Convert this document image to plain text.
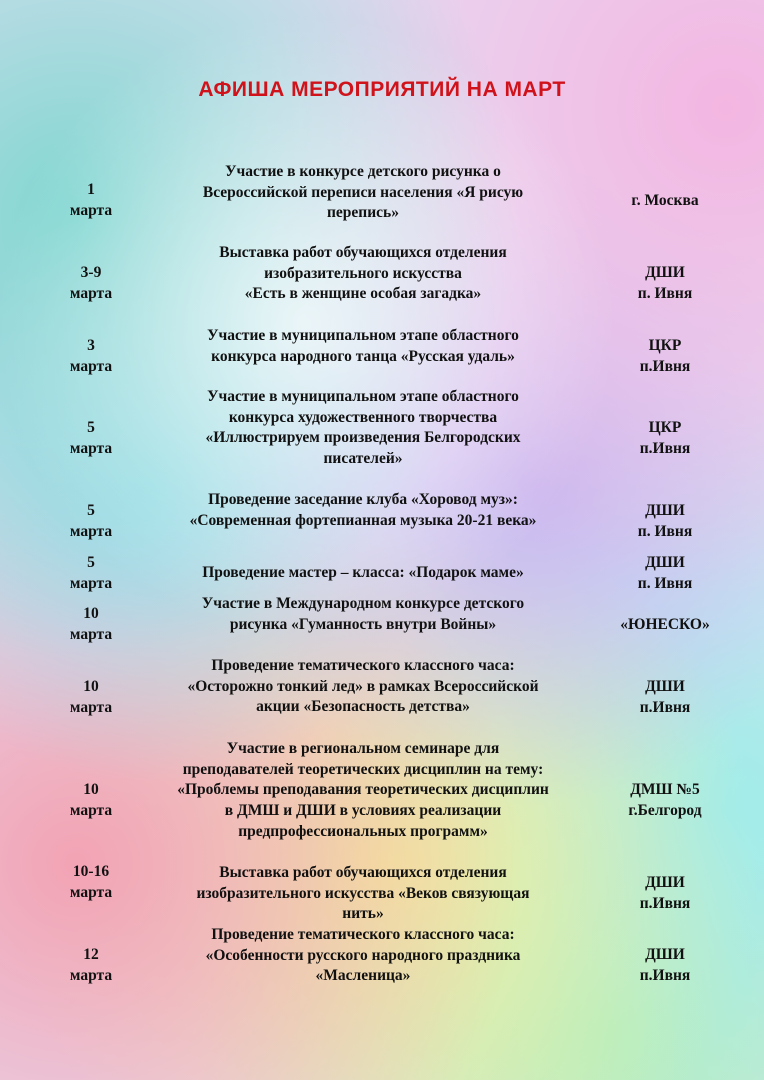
АФИША МЕРОПРИЯТИЙ НА МАРТ
1
марта
Участие в конкурсе детского рисунка о
Всероссийской переписи населения «Я рисую
перепись»
г. Москва
3-9
марта
Выставка работ обучающихся отделения
изобразительного искусства
«Есть в женщине особая загадка»
ДШИ
п. Ивня
3
марта
Участие в муниципальном этапе областного
конкурса народного танца «Русская удаль»
ЦКР
п.Ивня
5
марта
Участие в муниципальном этапе областного
конкурса художественного творчества
«Иллюстрируем произведения Белгородских
писателей»
ЦКР
п.Ивня
5
марта
Проведение заседание клуба «Хоровод муз»:
«Современная фортепианная музыка 20-21 века»
ДШИ
п. Ивня
5
марта
Проведение мастер – класса: «Подарок маме»
ДШИ
п. Ивня
10
марта
Участие в Международном конкурсе детского
рисунка «Гуманность внутри Войны»	«ЮНЕСКО»
10
марта
Проведение тематического классного часа:
«Осторожно тонкий лед» в рамках Всероссийской
акции «Безопасность детства»
ДШИ
п.Ивня
10
марта
Участие в региональном семинаре для
преподавателей теоретических дисциплин на тему:
«Проблемы преподавания теоретических дисциплин
в ДМШ и ДШИ в условиях реализации
предпрофессиональных программ»
ДМШ №5
г.Белгород
10-16
марта
Выставка работ обучающихся отделения
изобразительного искусства «Веков связующая
нить»
ДШИ
п.Ивня
12
марта
Проведение тематического классного часа:
«Особенности русского народного праздника
«Масленица»
ДШИ
п.Ивня
